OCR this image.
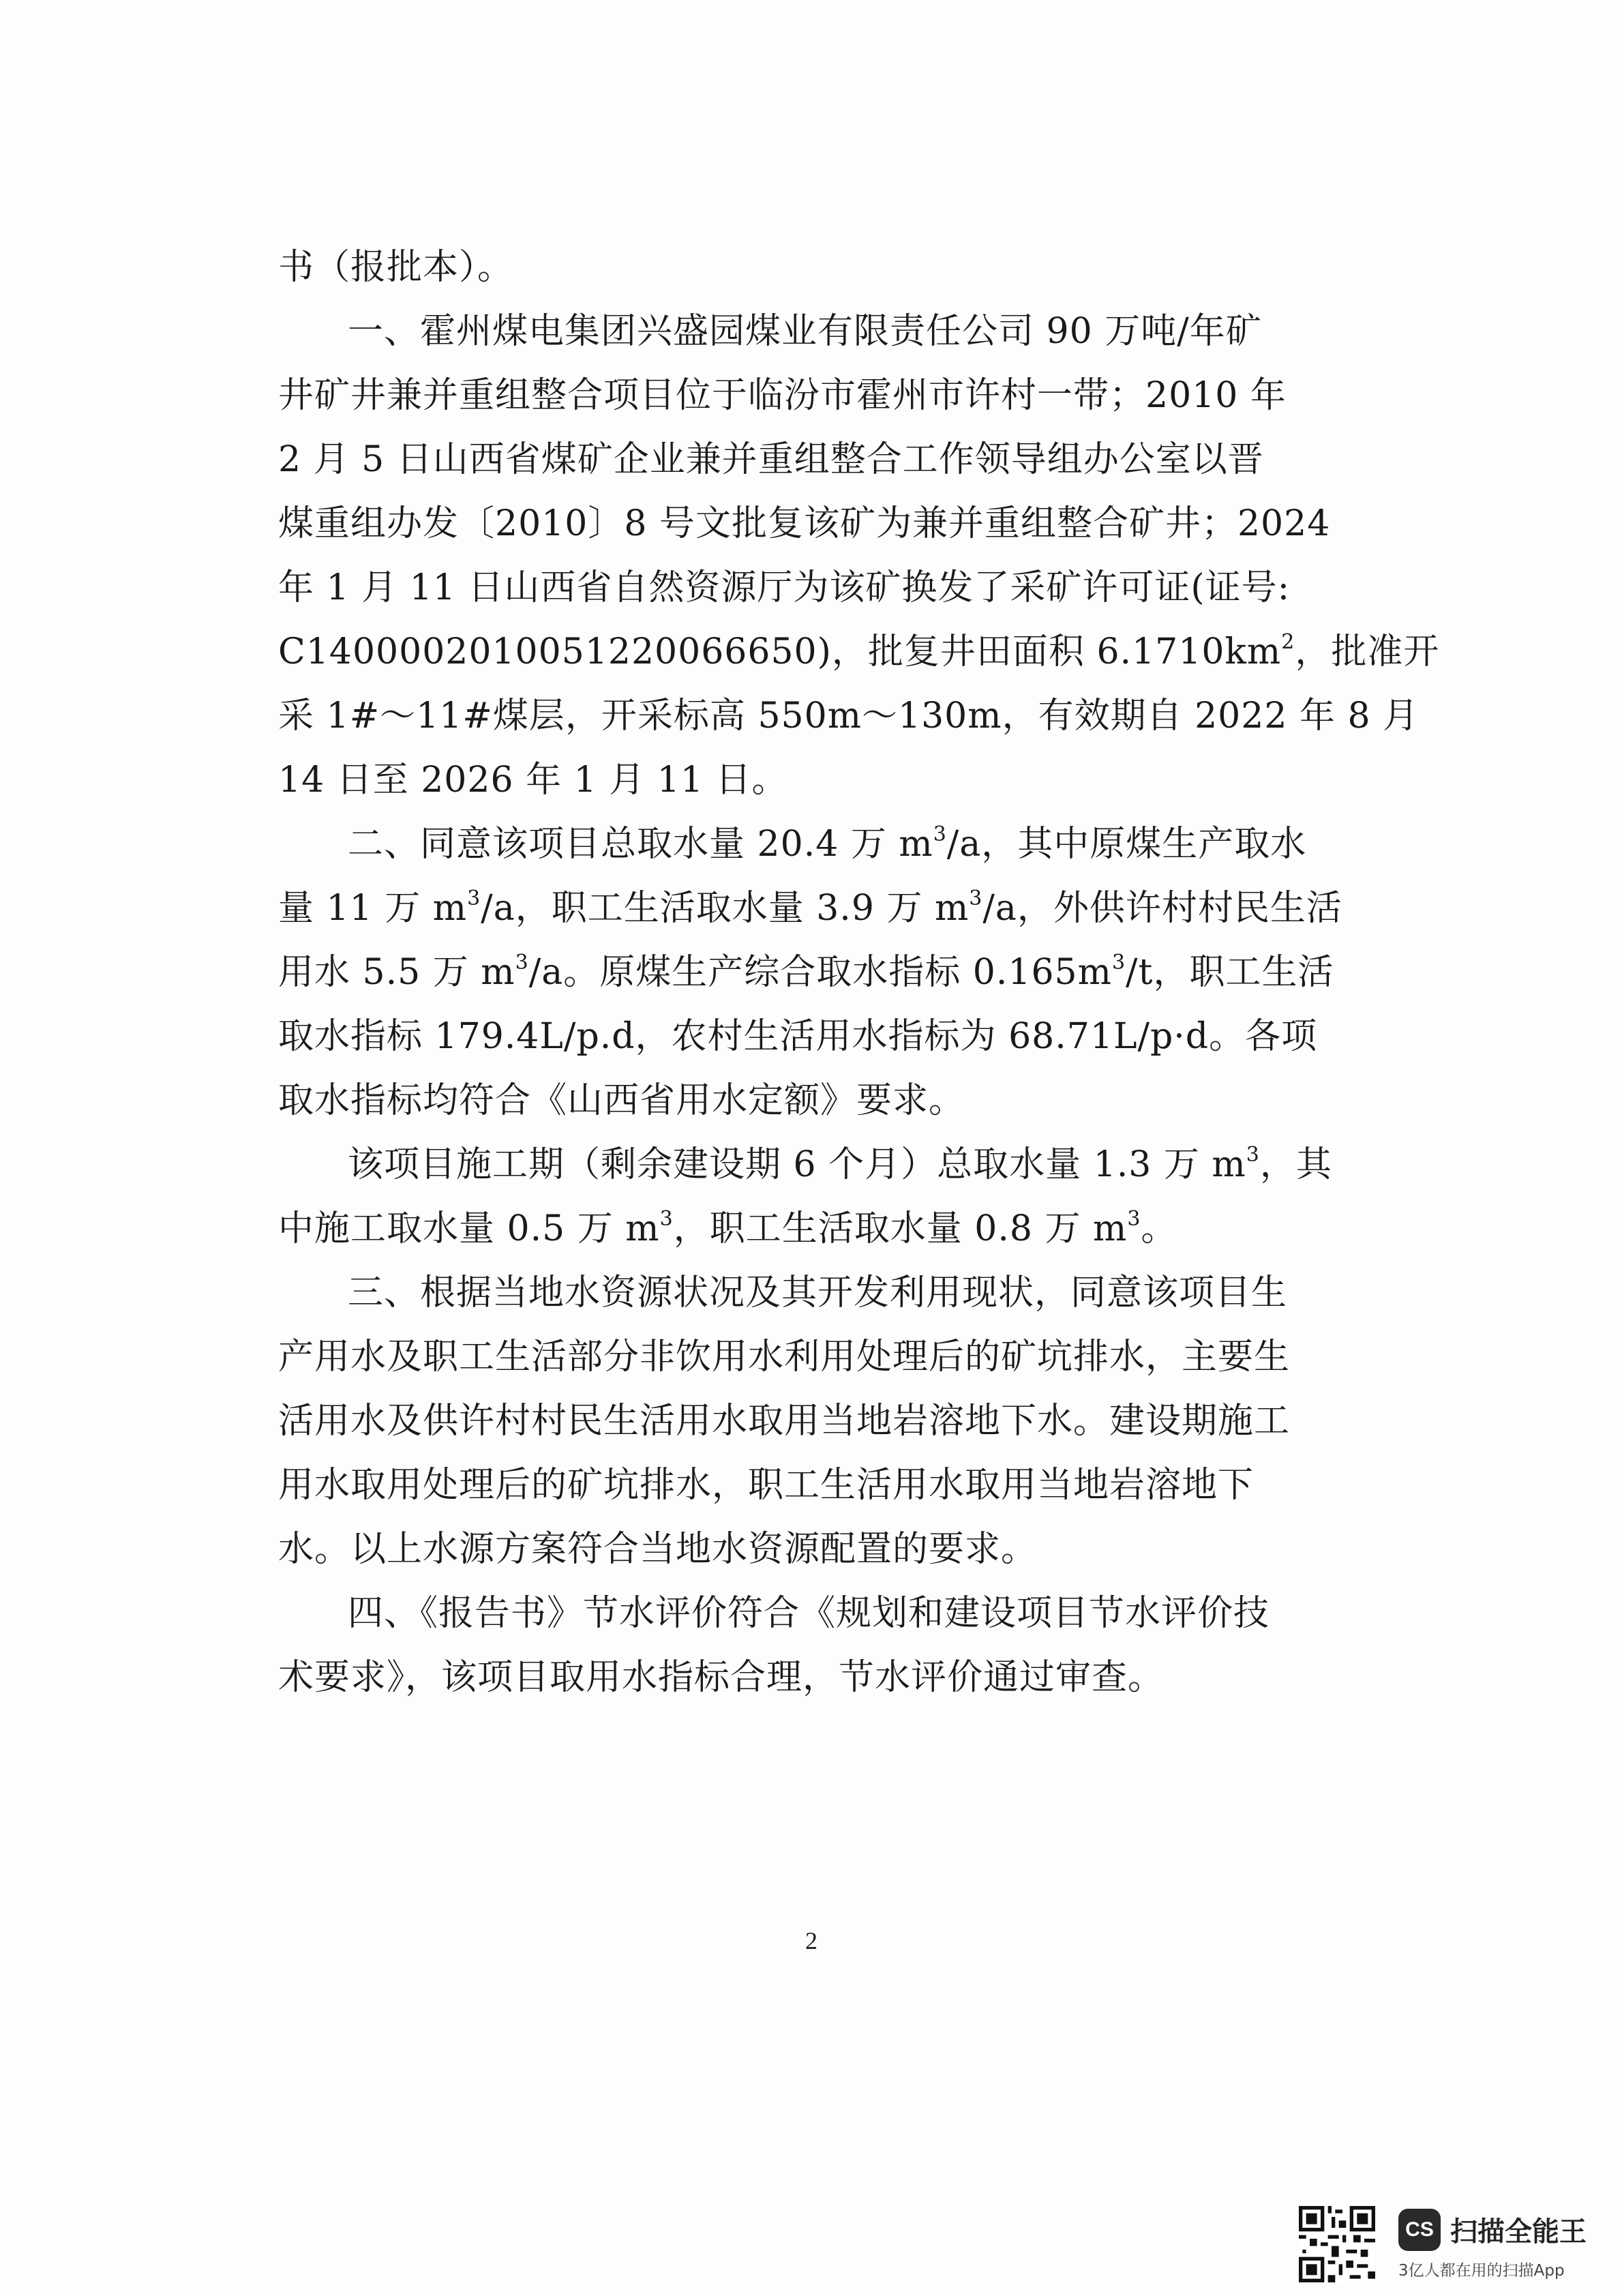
书（报批本）。

一、霍州煤电集团兴盛园煤业有限责任公司 90 万吨/年矿

井矿井兼并重组整合项目位于临汾市霍州市许村一带；2010 年

2 月 5 日山西省煤矿企业兼并重组整合工作领导组办公室以晋

煤重组办发〔2010〕8 号文批复该矿为兼并重组整合矿井；2024

年 1 月 11 日山西省自然资源厅为该矿换发了采矿许可证(证号:

C1400002010051220066650)，批复井田面积 $6.1710km^2$，批准开

采 1#～11#煤层，开采标高 550m～130m，有效期自 2022 年 8 月

14 日至 2026 年 1 月 11 日。

二、同意该项目总取水量 20.4 万 $m^3/a$，其中原煤生产取水

量 11 万 $m^3/a$，职工生活取水量 3.9 万 $m^3/a$，外供许村村民生活

用水 5.5 万 $m^3/a$。原煤生产综合取水指标 $0.165m^3/t$，职工生活

取水指标 179.4L/p.d，农村生活用水指标为 68.71L/p·d。各项

取水指标均符合《山西省用水定额》要求。

该项目施工期（剩余建设期 6 个月）总取水量 1.3 万 $m^3$，其

中施工取水量 0.5 万 $m^3$，职工生活取水量 0.8 万 $m^3$。

三、根据当地水资源状况及其开发利用现状，同意该项目生

产用水及职工生活部分非饮用水利用处理后的矿坑排水，主要生

活用水及供许村村民生活用水取用当地岩溶地下水。建设期施工

用水取用处理后的矿坑排水，职工生活用水取用当地岩溶地下

水。以上水源方案符合当地水资源配置的要求。

四、《报告书》节水评价符合《规划和建设项目节水评价技

术要求》，该项目取用水指标合理，节水评价通过审查。

2
CS 扫描全能王
3亿人都在用的扫描App
